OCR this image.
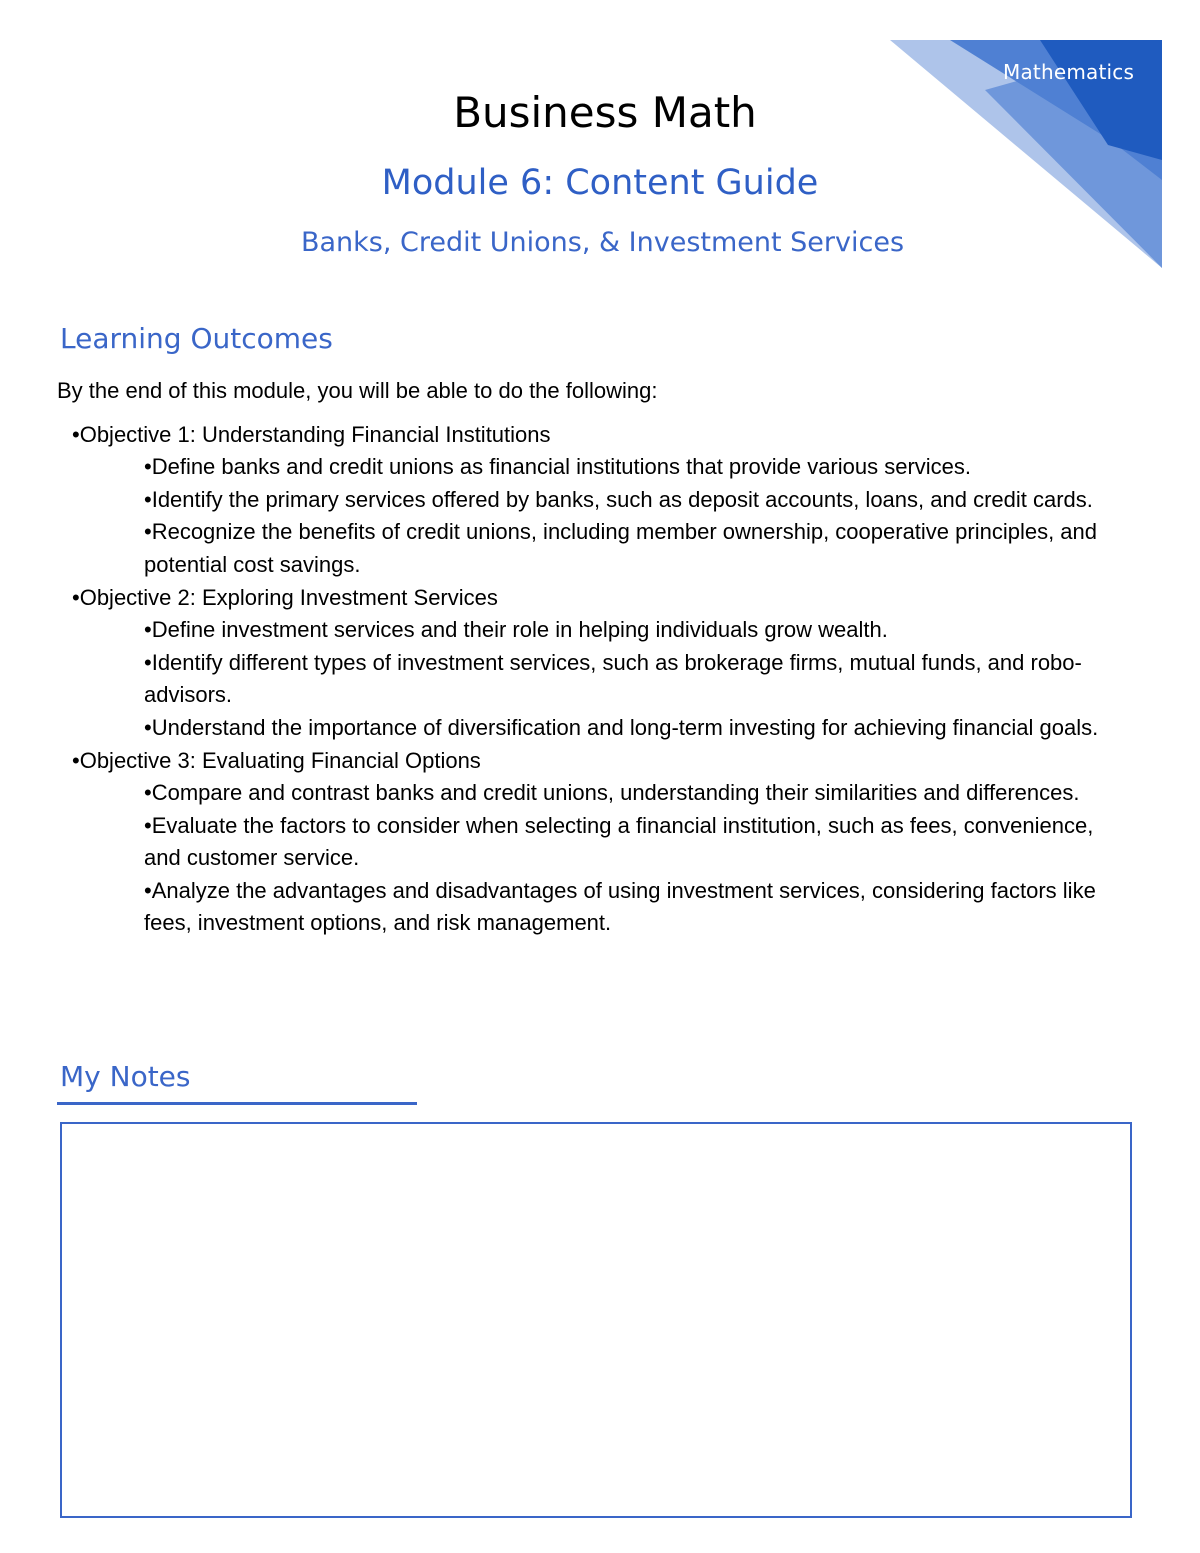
Mathematics
Business Math
Module 6: Content Guide
Banks, Credit Unions, & Investment Services
Learning Outcomes
By the end of this module, you will be able to do the following:
•Objective 1: Understanding Financial Institutions
•Define banks and credit unions as financial institutions that provide various services.
•Identify the primary services offered by banks, such as deposit accounts, loans, and credit cards.
•Recognize the benefits of credit unions, including member ownership, cooperative principles, and potential cost savings.
•Objective 2: Exploring Investment Services
•Define investment services and their role in helping individuals grow wealth.
•Identify different types of investment services, such as brokerage firms, mutual funds, and robo-advisors.
•Understand the importance of diversification and long-term investing for achieving financial goals.
•Objective 3: Evaluating Financial Options
•Compare and contrast banks and credit unions, understanding their similarities and differences.
•Evaluate the factors to consider when selecting a financial institution, such as fees, convenience, and customer service.
•Analyze the advantages and disadvantages of using investment services, considering factors like fees, investment options, and risk management.
My Notes
